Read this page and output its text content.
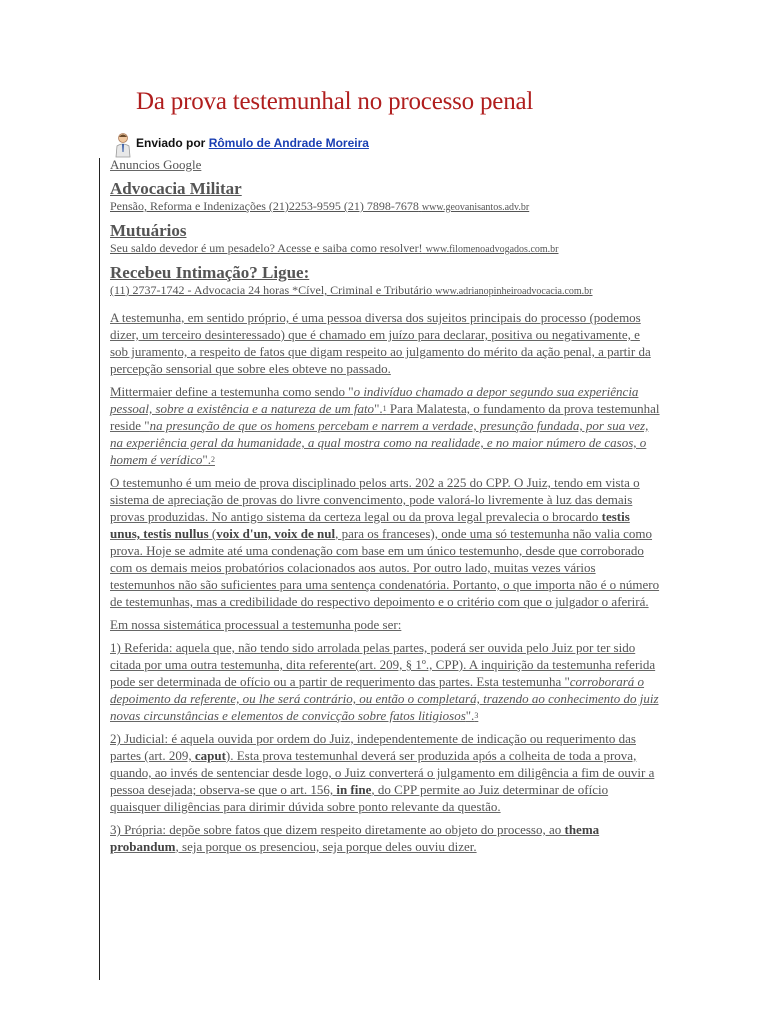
Da prova testemunhal no processo penal
Enviado por Rômulo de Andrade Moreira

Anuncios Google

Advocacia Militar
Pensão, Reforma e Indenizações (21)2253-9595 (21) 7898-7678 www.geovanisantos.adv.br
Mutuários
Seu saldo devedor é um pesadelo? Acesse e saiba como resolver! www.filomenoadvogados.com.br
Recebeu Intimação? Ligue:
(11) 2737-1742 - Advocacia 24 horas *Cível, Criminal e Tributário www.adrianopinheiroadvocacia.com.br

A testemunha, em sentido próprio, é uma pessoa diversa dos sujeitos principais do processo (podemos dizer, um terceiro desinteressado) que é chamado em juízo para declarar, positiva ou negativamente, e sob juramento, a respeito de fatos que digam respeito ao julgamento do mérito da ação penal, a partir da percepção sensorial que sobre eles obteve no passado.

Mittermaier define a testemunha como sendo "o indivíduo chamado a depor segundo sua experiência pessoal, sobre a existência e a natureza de um fato".$^1$ Para Malatesta, o fundamento da prova testemunhal reside "na presunção de que os homens percebam e narrem a verdade, presunção fundada, por sua vez, na experiência geral da humanidade, a qual mostra como na realidade, e no maior número de casos, o homem é verídico".$^2$

O testemunho é um meio de prova disciplinado pelos arts. 202 a 225 do CPP. O Juiz, tendo em vista o sistema de apreciação de provas do livre convencimento, pode valorá-lo livremente à luz das demais provas produzidas. No antigo sistema da certeza legal ou da prova legal prevalecia o brocardo testis unus, testis nullus (voix d'un, voix de nul, para os franceses), onde uma só testemunha não valia como prova. Hoje se admite até uma condenação com base em um único testemunho, desde que corroborado com os demais meios probatórios colacionados aos autos. Por outro lado, muitas vezes vários testemunhos não são suficientes para uma sentença condenatória. Portanto, o que importa não é o número de testemunhas, mas a credibilidade do respectivo depoimento e o critério com que o julgador o aferirá.

Em nossa sistemática processual a testemunha pode ser:

1) Referida: aquela que, não tendo sido arrolada pelas partes, poderá ser ouvida pelo Juiz por ter sido citada por uma outra testemunha, dita referente(art. 209, § 1º., CPP). A inquirição da testemunha referida pode ser determinada de ofício ou a partir de requerimento das partes. Esta testemunha "corroborará o depoimento da referente, ou lhe será contrário, ou então o completará, trazendo ao conhecimento do juiz novas circunstâncias e elementos de convicção sobre fatos litigiosos".$^3$

2) Judicial: é aquela ouvida por ordem do Juiz, independentemente de indicação ou requerimento das partes (art. 209, caput). Esta prova testemunhal deverá ser produzida após a colheita de toda a prova, quando, ao invés de sentenciar desde logo, o Juiz converterá o julgamento em diligência a fim de ouvir a pessoa desejada; observa-se que o art. 156, in fine, do CPP permite ao Juiz determinar de ofício quaisquer diligências para dirimir dúvida sobre ponto relevante da questão.

3) Própria: depõe sobre fatos que dizem respeito diretamente ao objeto do processo, ao thema probandum, seja porque os presenciou, seja porque deles ouviu dizer.
